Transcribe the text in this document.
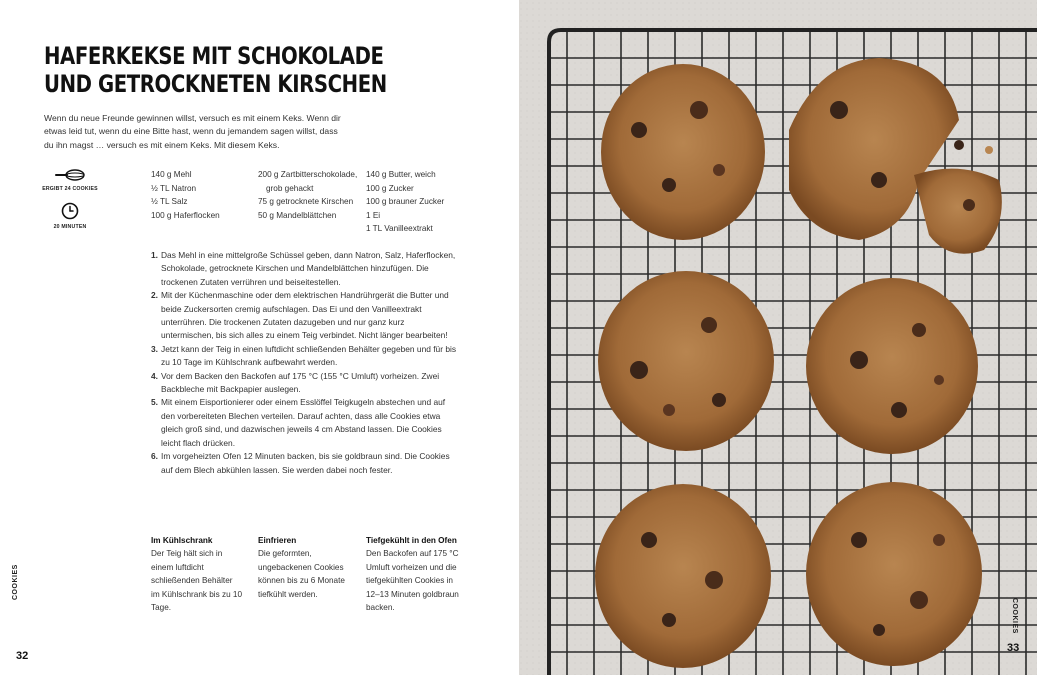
HAFERKEKSE MIT SCHOKOLADE
UND GETROCKNETEN KIRSCHEN

Wenn du neue Freunde gewinnen willst, versuch es mit einem Keks. Wenn dir etwas leid tut, wenn du eine Bitte hast, wenn du jemandem sagen willst, dass du ihn magst … versuch es mit einem Keks. Mit diesem Keks.

ERGIBT 24 COOKIES
20 MINUTEN
140 g Mehl
½ TL Natron
½ TL Salz
100 g Haferflocken
200 g Zartbitterschokolade,
grob gehackt
75 g getrocknete Kirschen
50 g Mandelblättchen
140 g Butter, weich
100 g Zucker
100 g brauner Zucker
1 Ei
1 TL Vanilleextrakt
1. Das Mehl in eine mittelgroße Schüssel geben, dann Natron, Salz, Haferflocken, Schokolade, getrocknete Kirschen und Mandelblättchen hinzufügen. Die trockenen Zutaten verrühren und beiseitestellen.
2. Mit der Küchenmaschine oder dem elektrischen Handrührgerät die Butter und beide Zuckersorten cremig aufschlagen. Das Ei und den Vanilleextrakt unterrühren. Die trockenen Zutaten dazugeben und nur ganz kurz untermischen, bis sich alles zu einem Teig verbindet. Nicht länger bearbeiten!
3. Jetzt kann der Teig in einen luftdicht schließenden Behälter gegeben und für bis zu 10 Tage im Kühlschrank aufbewahrt werden.
4. Vor dem Backen den Backofen auf 175 °C (155 °C Umluft) vorheizen. Zwei Backbleche mit Backpapier auslegen.
5. Mit einem Eisportionierer oder einem Esslöffel Teigkugeln abstechen und auf den vorbereiteten Blechen verteilen. Darauf achten, dass alle Cookies etwa gleich groß sind, und dazwischen jeweils 4 cm Abstand lassen. Die Cookies leicht flach drücken.
6. Im vorgeheizten Ofen 12 Minuten backen, bis sie goldbraun sind. Die Cookies auf dem Blech abkühlen lassen. Sie werden dabei noch fester.
Im Kühlschrank
Der Teig hält sich in einem luftdicht schließenden Behälter im Kühlschrank bis zu 10 Tage.
Einfrieren
Die geformten, ungebackenen Cookies können bis zu 6 Monate tiefkühlt werden.
Tiefgekühlt in den Ofen
Den Backofen auf 175 °C Umluft vorheizen und die tiefgekühlten Cookies in 12–13 Minuten goldbraun backen.
COOKIES
32
COOKIES
33
